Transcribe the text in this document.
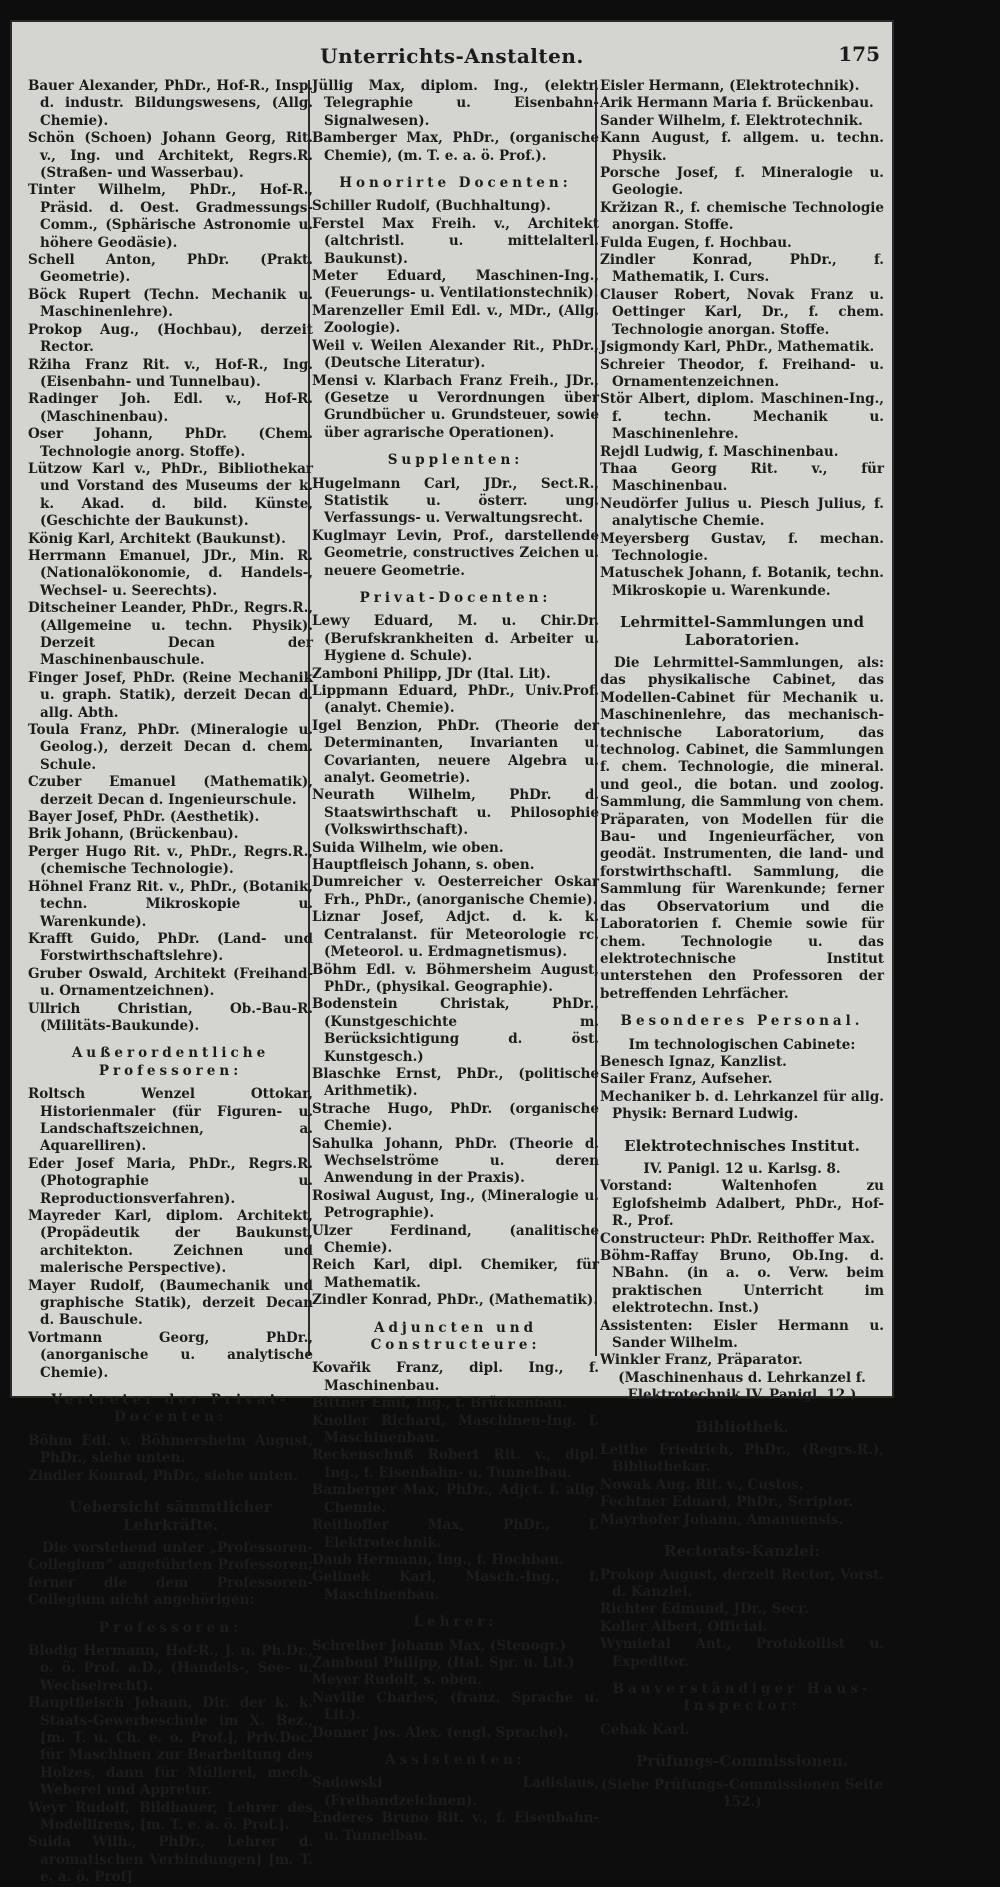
Unterrichts-Anstalten.	175
Bauer Alexander, PhDr., Hof-R., Insp. d. industr. Bildungswesens, (Allg. Chemie).
Schön (Schoen) Johann Georg, Rit. v., Ing. und Architekt, Regrs.R. (Straßen- und Wasserbau).
Tinter Wilhelm, PhDr., Hof-R., Präsid. d. Oest. Gradmessungs-Comm., (Sphärische Astronomie u. höhere Geodäsie).
Schell Anton, PhDr. (Prakt. Geometrie).
Böck Rupert (Techn. Mechanik u. Maschinenlehre).
Prokop Aug., (Hochbau), derzeit Rector.
Ržiha Franz Rit. v., Hof-R., Ing. (Eisenbahn- und Tunnelbau).
Radinger Joh. Edl. v., Hof-R. (Maschinenbau).
Oser Johann, PhDr. (Chem. Technologie anorg. Stoffe).
Lützow Karl v., PhDr., Bibliothekar und Vorstand des Museums der k. k. Akad. d. bild. Künste, (Geschichte der Baukunst).
König Karl, Architekt (Baukunst).
Herrmann Emanuel, JDr., Min. R. (Nationalökonomie, d. Handels-, Wechsel- u. Seerechts).
Ditscheiner Leander, PhDr., Regrs.R., (Allgemeine u. techn. Physik). Derzeit Decan der Maschinenbauschule.
Finger Josef, PhDr. (Reine Mechanik u. graph. Statik), derzeit Decan d. allg. Abth.
Toula Franz, PhDr. (Mineralogie u. Geolog.), derzeit Decan d. chem. Schule.
Czuber Emanuel (Mathematik), derzeit Decan d. Ingenieurschule.
Bayer Josef, PhDr. (Aesthetik).
Brik Johann, (Brückenbau).
Perger Hugo Rit. v., PhDr., Regrs.R., (chemische Technologie).
Höhnel Franz Rit. v., PhDr., (Botanik, techn. Mikroskopie u. Warenkunde).
Krafft Guido, PhDr. (Land- und Forstwirthschaftslehre).
Gruber Oswald, Architekt (Freihand- u. Ornamentzeichnen).
Ullrich Christian, Ob.-Bau-R. (Militäts-Baukunde).
Außerordentliche Professoren:
Roltsch Wenzel Ottokar, Historienmaler (für Figuren- u. Landschaftszeichnen, a. Aquarelliren).
Eder Josef Maria, PhDr., Regrs.R. (Photographie u. Reproductionsverfahren).
Mayreder Karl, diplom. Architekt, (Propädeutik der Baukunst, architekton. Zeichnen und malerische Perspective).
Mayer Rudolf, (Baumechanik und graphische Statik), derzeit Decan d. Bauschule.
Vortmann Georg, PhDr., (anorganische u. analytische Chemie).
Vertreter der Privat-Docenten:
Böhm Edl. v. Böhmersheim August, PhDr., siehe unten.
Zindler Konrad, PhDr., siehe unten.
Uebersicht sämmtlicher Lehrkräfte.
Die vorstehend unter „Professoren-Collegium“ angeführten Professoren; ferner die dem Professoren-Collegium nicht angehörigen:
Professoren:
Blodig Hermann, Hof-R., J. u. Ph.Dr., o. ö. Prof. a.D., (Handels-, See- u. Wechselrecht).
Hauptfleisch Johann, Dir. der k. k. Staats-Gewerbeschule im X. Bez., [m. T. u. Ch. e. o. Prof.], Priv.Doc. für Maschinen zur Bearbeitung des Holzes, dann für Müllerei, mech. Weberei und Appretur.
Weyr Rudolf, Bildhauer, Lehrer des Modellirens, [m. T. e. a. ö. Prof.].
Suida Wilh., PhDr., Lehrer d. aromatischen Verbindungen] [m. T. e. a. ö. Prof]
Jüllig Max, diplom. Ing., (elektr. Telegraphie u. Eisenbahn-Signalwesen).
Bamberger Max, PhDr., (organische Chemie), (m. T. e. a. ö. Prof.).
Honorirte Docenten:
Schiller Rudolf, (Buchhaltung).
Ferstel Max Freih. v., Architekt (altchristl. u. mittelalterl. Baukunst).
Meter Eduard, Maschinen-Ing., (Feuerungs- u. Ventilationstechnik).
Marenzeller Emil Edl. v., MDr., (Allg. Zoologie).
Weil v. Weilen Alexander Rit., PhDr., (Deutsche Literatur).
Mensi v. Klarbach Franz Freih., JDr., (Gesetze u Verordnungen über Grundbücher u. Grundsteuer, sowie über agrarische Operationen).
Supplenten:
Hugelmann Carl, JDr., Sect.R., Statistik u. österr. ung. Verfassungs- u. Verwaltungsrecht.
Kuglmayr Levin, Prof., darstellende Geometrie, constructives Zeichen u. neuere Geometrie.
Privat-Docenten:
Lewy Eduard, M. u. Chir.Dr. (Berufskrankheiten d. Arbeiter u. Hygiene d. Schule).
Zamboni Philipp, JDr (Ital. Lit).
Lippmann Eduard, PhDr., Univ.Prof. (analyt. Chemie).
Igel Benzion, PhDr. (Theorie der Determinanten, Invarianten u. Covarianten, neuere Algebra u. analyt. Geometrie).
Neurath Wilhelm, PhDr. d. Staatswirthschaft u. Philosophie (Volkswirthschaft).
Suida Wilhelm, wie oben.
Hauptfleisch Johann, s. oben.
Dumreicher v. Oesterreicher Oskar Frh., PhDr., (anorganische Chemie).
Liznar Josef, Adjct. d. k. k. Centralanst. für Meteorologie rc. (Meteorol. u. Erdmagnetismus).
Böhm Edl. v. Böhmersheim August, PhDr., (physikal. Geographie).
Bodenstein Christak, PhDr., (Kunstgeschichte m. Berücksichtigung d. öst. Kunstgesch.)
Blaschke Ernst, PhDr., (politische Arithmetik).
Strache Hugo, PhDr. (organische Chemie).
Sahulka Johann, PhDr. (Theorie d. Wechselströme u. deren Anwendung in der Praxis).
Rosiwal August, Ing., (Mineralogie u. Petrographie).
Ulzer Ferdinand, (analitische Chemie).
Reich Karl, dipl. Chemiker, für Mathematik.
Zindler Konrad, PhDr., (Mathematik).
Adjuncten und Constructeure:
Kovařik Franz, dipl. Ing., f. Maschinenbau.
Bittner Emil, Ing., f. Brückenbau.
Knoller Richard, Maschinen-Ing. f. Maschinenbau.
Reckenschuß Robert Rit. v., dipl. Ing., f. Eisenbahn- u. Tunnelbau.
Bamberger Max, PhDr., Adjct. f. allg. Chemie.
Reithoffer Max, PhDr., f. Elektrotechnik.
Daub Hermann, Ing., f. Hochbau.
Gelinek Karl, Masch.-Ing., f. Maschinenbau.
Lehrer:
Schreiber Johann Max, (Stenogr.)
Zamboni Philipp, (Ital. Spr. u. Lit.)
Meyer Rudolf, s. oben.
Naville Charles, (franz. Sprache u. Lit.).
Donner Jos. Alex. (engl. Sprache).
Assistenten:
Sadowski Ladislaus, (Freihandzeichnen).
Enderes Bruno Rit. v., f. Eisenbahn- u. Tunnelbau.
Eisler Hermann, (Elektrotechnik).
Arik Hermann Maria f. Brückenbau.
Sander Wilhelm, f. Elektrotechnik.
Kann August, f. allgem. u. techn. Physik.
Porsche Josef, f. Mineralogie u. Geologie.
Kržizan R., f. chemische Technologie anorgan. Stoffe.
Fulda Eugen, f. Hochbau.
Zindler Konrad, PhDr., f. Mathematik, I. Curs.
Clauser Robert, Novak Franz u. Oettinger Karl, Dr., f. chem. Technologie anorgan. Stoffe.
Jsigmondy Karl, PhDr., Mathematik.
Schreier Theodor, f. Freihand- u. Ornamentenzeichnen.
Stör Albert, diplom. Maschinen-Ing., f. techn. Mechanik u. Maschinenlehre.
Rejdl Ludwig, f. Maschinenbau.
Thaa Georg Rit. v., für Maschinenbau.
Neudörfer Julius u. Piesch Julius, f. analytische Chemie.
Meyersberg Gustav, f. mechan. Technologie.
Matuschek Johann, f. Botanik, techn. Mikroskopie u. Warenkunde.
Lehrmittel-Sammlungen und Laboratorien.
Die Lehrmittel-Sammlungen, als: das physikalische Cabinet, das Modellen-Cabinet für Mechanik u. Maschinenlehre, das mechanisch-technische Laboratorium, das technolog. Cabinet, die Sammlungen f. chem. Technologie, die mineral. und geol., die botan. und zoolog. Sammlung, die Sammlung von chem. Präparaten, von Modellen für die Bau- und Ingenieurfächer, von geodät. Instrumenten, die land- und forstwirthschaftl. Sammlung, die Sammlung für Warenkunde; ferner das Observatorium und die Laboratorien f. Chemie sowie für chem. Technologie u. das elektrotechnische Institut unterstehen den Professoren der betreffenden Lehrfächer.
Besonderes Personal.
Im technologischen Cabinete:
Benesch Ignaz, Kanzlist.
Sailer Franz, Aufseher.
Mechaniker b. d. Lehrkanzel für allg. Physik: Bernard Ludwig.
Elektrotechnisches Institut.
IV. Panigl. 12 u. Karlsg. 8.
Vorstand: Waltenhofen zu Eglofsheimb Adalbert, PhDr., Hof-R., Prof.
Constructeur: PhDr. Reithoffer Max.
Böhm-Raffay Bruno, Ob.Ing. d. NBahn. (in a. o. Verw. beim praktischen Unterricht im elektrotechn. Inst.)
Assistenten: Eisler Hermann u. Sander Wilhelm.
Winkler Franz, Präparator.
(Maschinenhaus d. Lehrkanzel f. Elektrotechnik IV. Panigl. 12.)
Bibliothek.
Leithe Friedrich, PhDr., (Regrs.R.), Bibliothekar.
Nowak Aug. Rit. v., Custos.
Fechtner Eduard, PhDr., Scriptor.
Mayrhofer Johann, Amanuensis.
Rectorats-Kanzlei:
Prokop August, derzeit Rector, Vorst. d. Kanzlei.
Richter Edmund, JDr., Secr.
Koller Albert, Official.
Wymietal Ant., Protokollist u. Expeditor.
Bauverständiger Haus-Inspector:
Cehak Karl.
Prüfungs-Commissionen.
(Siehe Prüfungs-Commissionen Seite 152.)
